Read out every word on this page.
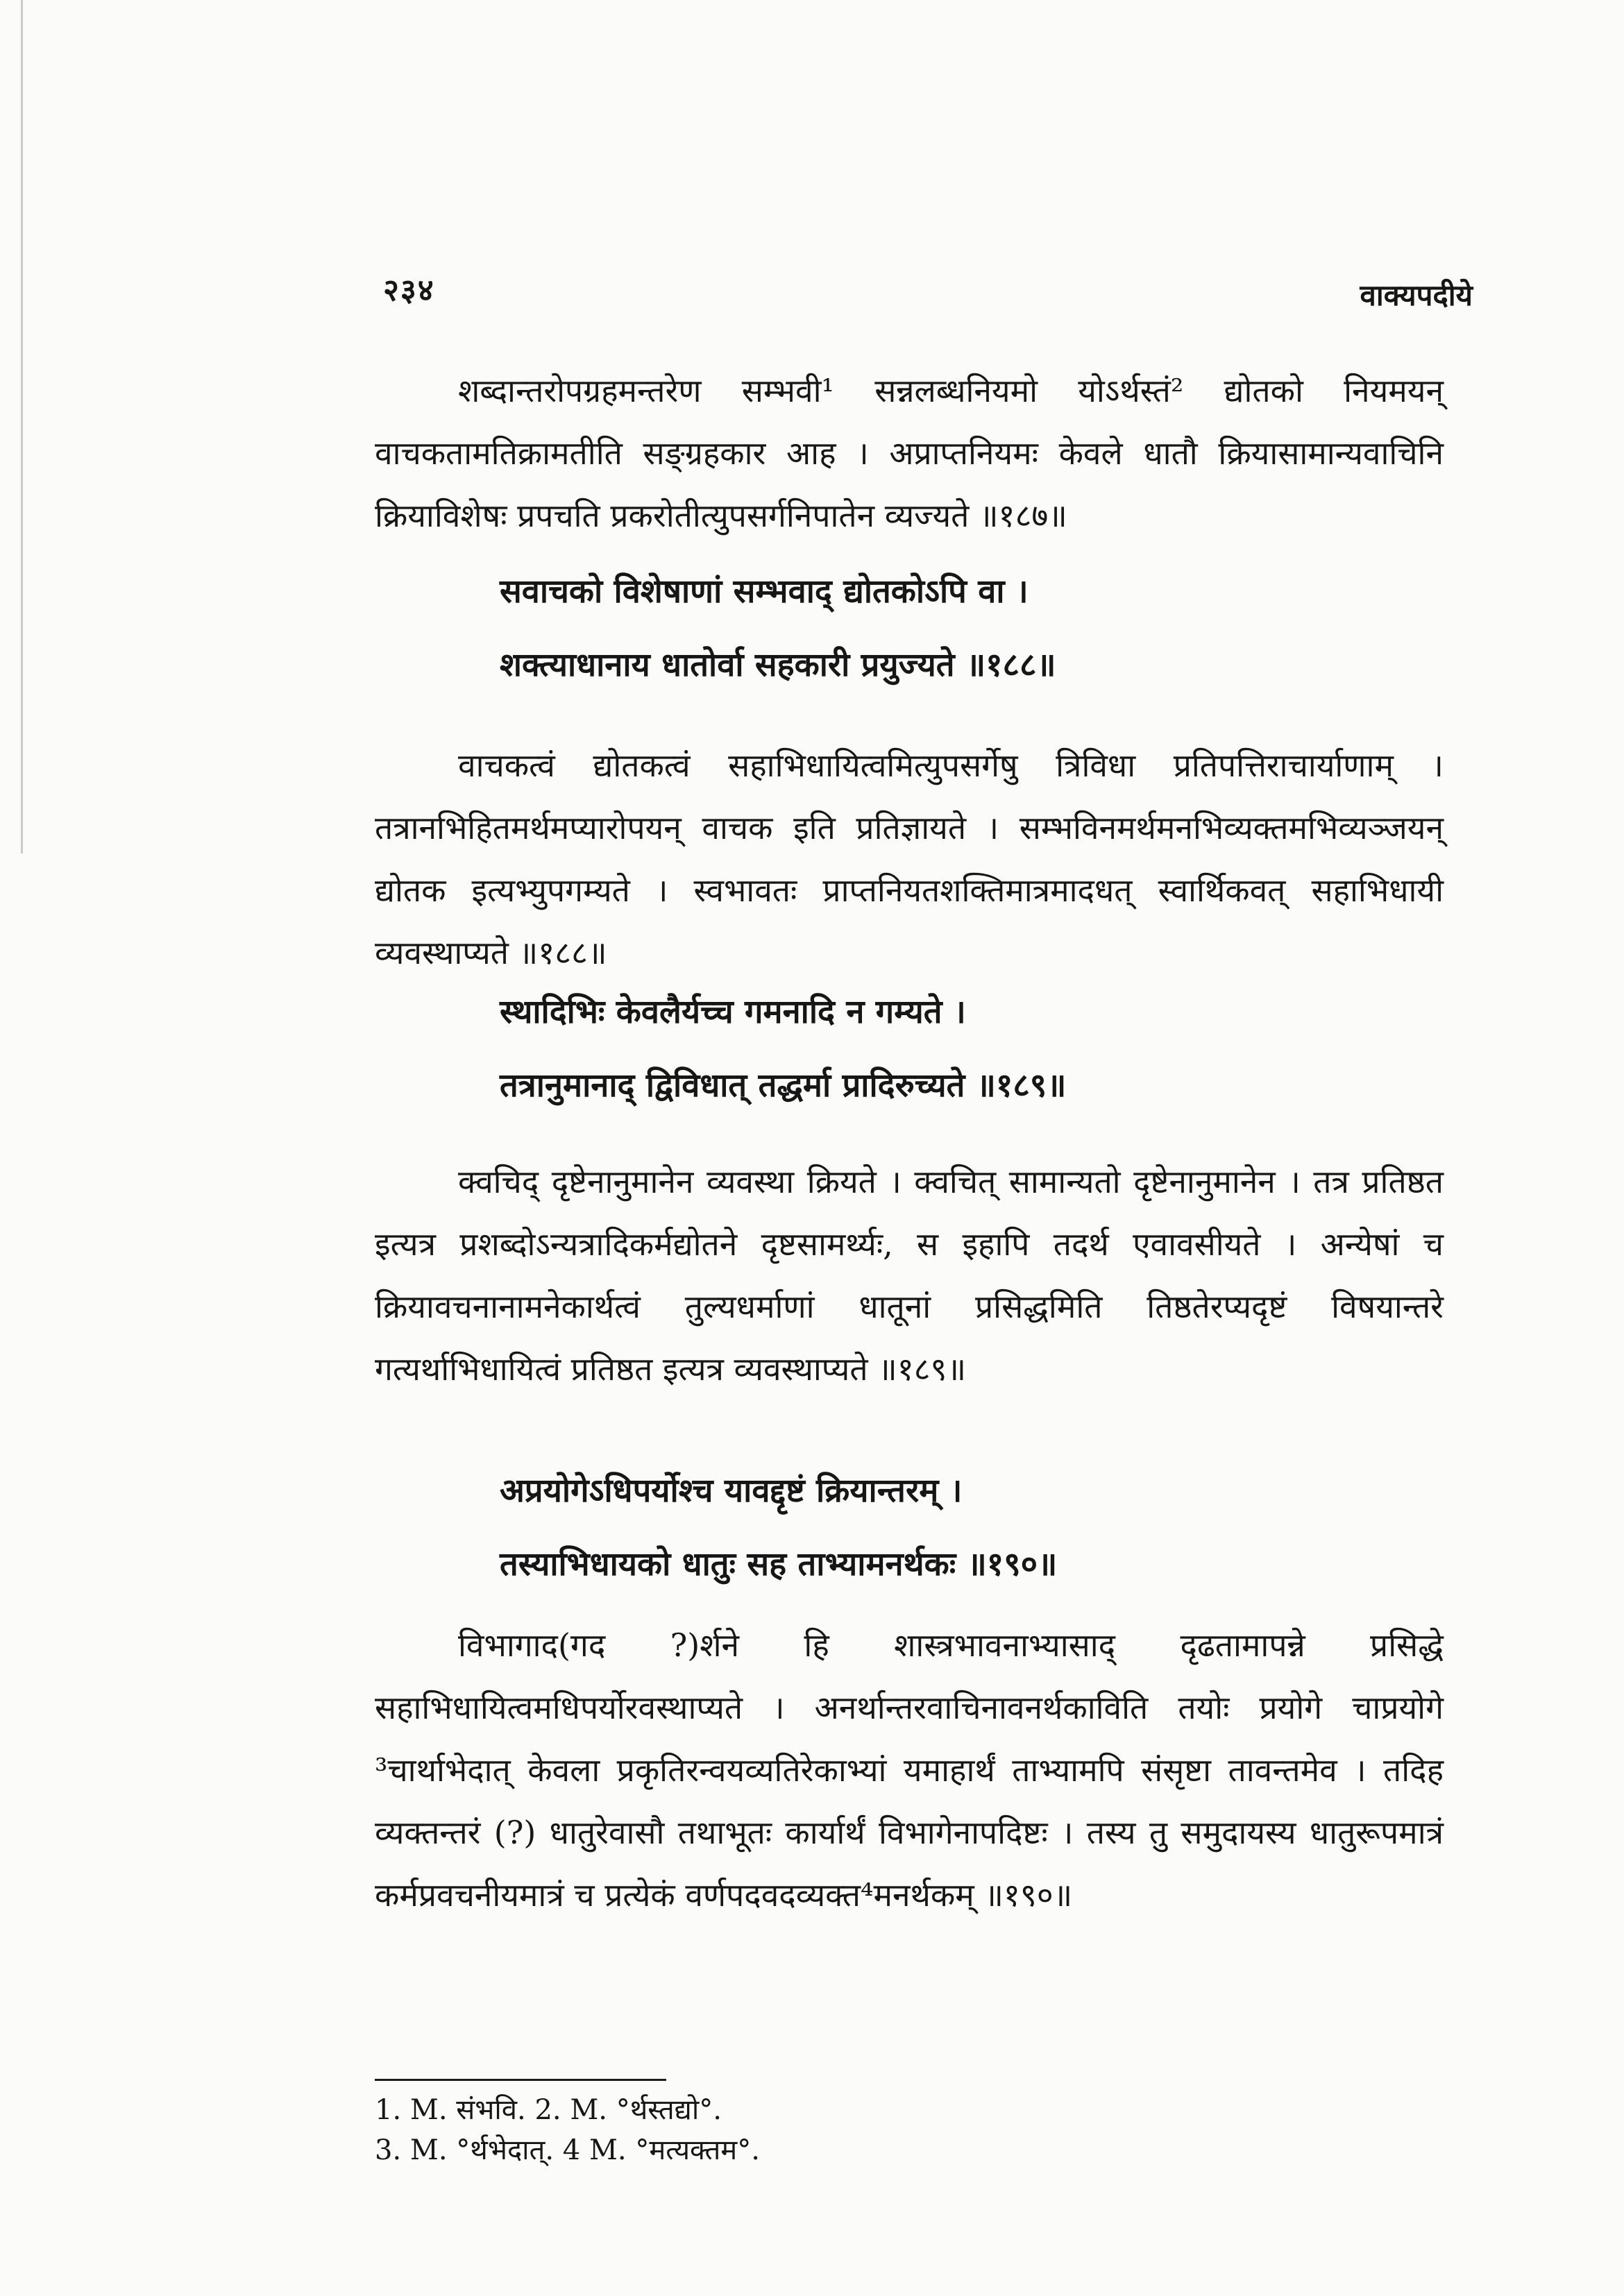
२३४	वाक्यपदीये

शब्दान्तरोपग्रहमन्तरेण सम्भवी¹ सन्नलब्धनियमो योऽर्थस्तं² द्योतको नियमयन् वाचकतामतिक्रामतीति सङ्ग्रहकार आह । अप्राप्तनियमः केवले धातौ क्रियासामान्यवाचिनि क्रियाविशेषः प्रपचति प्रकरोतीत्युपसर्गनिपातेन व्यज्यते ॥१८७॥

सवाचको विशेषाणां सम्भवाद् द्योतकोऽपि वा ।
शक्त्याधानाय धातोर्वा सहकारी प्रयुज्यते ॥१८८॥

वाचकत्वं द्योतकत्वं सहाभिधायित्वमित्युपसर्गेषु त्रिविधा प्रतिपत्तिराचार्याणाम् । तत्रानभिहितमर्थमप्यारोपयन् वाचक इति प्रतिज्ञायते । सम्भविनमर्थमनभिव्यक्तमभिव्यञ्जयन् द्योतक इत्यभ्युपगम्यते । स्वभावतः प्राप्तनियतशक्तिमात्रमादधत् स्वार्थिकवत् सहाभिधायी व्यवस्थाप्यते ॥१८८॥

स्थादिभिः केवलैर्यच्च गमनादि न गम्यते ।
तत्रानुमानाद् द्विविधात् तद्धर्मा प्रादिरुच्यते ॥१८९॥

क्वचिद् दृष्टेनानुमानेन व्यवस्था क्रियते । क्वचित् सामान्यतो दृष्टेनानुमानेन । तत्र प्रतिष्ठत इत्यत्र प्रशब्दोऽन्यत्रादिकर्मद्योतने दृष्टसामर्थ्यः, स इहापि तदर्थ एवावसीयते । अन्येषां च क्रियावचनानामनेकार्थत्वं तुल्यधर्माणां धातूनां प्रसिद्धमिति तिष्ठतेरप्यदृष्टं विषयान्तरे गत्यर्थाभिधायित्वं प्रतिष्ठत इत्यत्र व्यवस्थाप्यते ॥१८९॥

अप्रयोगेऽधिपर्योश्च यावद्दृष्टं क्रियान्तरम् ।
तस्याभिधायको धातुः सह ताभ्यामनर्थकः ॥१९०॥

विभागाद(गद ?)र्शने हि शास्त्रभावनाभ्यासाद् दृढतामापन्ने प्रसिद्धे सहाभिधायित्वमधिपर्योरवस्थाप्यते । अनर्थान्तरवाचिनावनर्थकाविति तयोः प्रयोगे चाप्रयोगे ³चार्थाभेदात् केवला प्रकृतिरन्वयव्यतिरेकाभ्यां यमाहार्थं ताभ्यामपि संसृष्टा तावन्तमेव । तदिह व्यक्तन्तरं (?) धातुरेवासौ तथाभूतः कार्यार्थं विभागेनापदिष्टः । तस्य तु समुदायस्य धातुरूपमात्रं कर्मप्रवचनीयमात्रं च प्रत्येकं वर्णपदवदव्यक्त⁴मनर्थकम् ॥१९०॥

1. M. संभवि. 2. M. °र्थस्तद्यो°.
3. M. °र्थभेदात्. 4 M. °मत्यक्तम°.
